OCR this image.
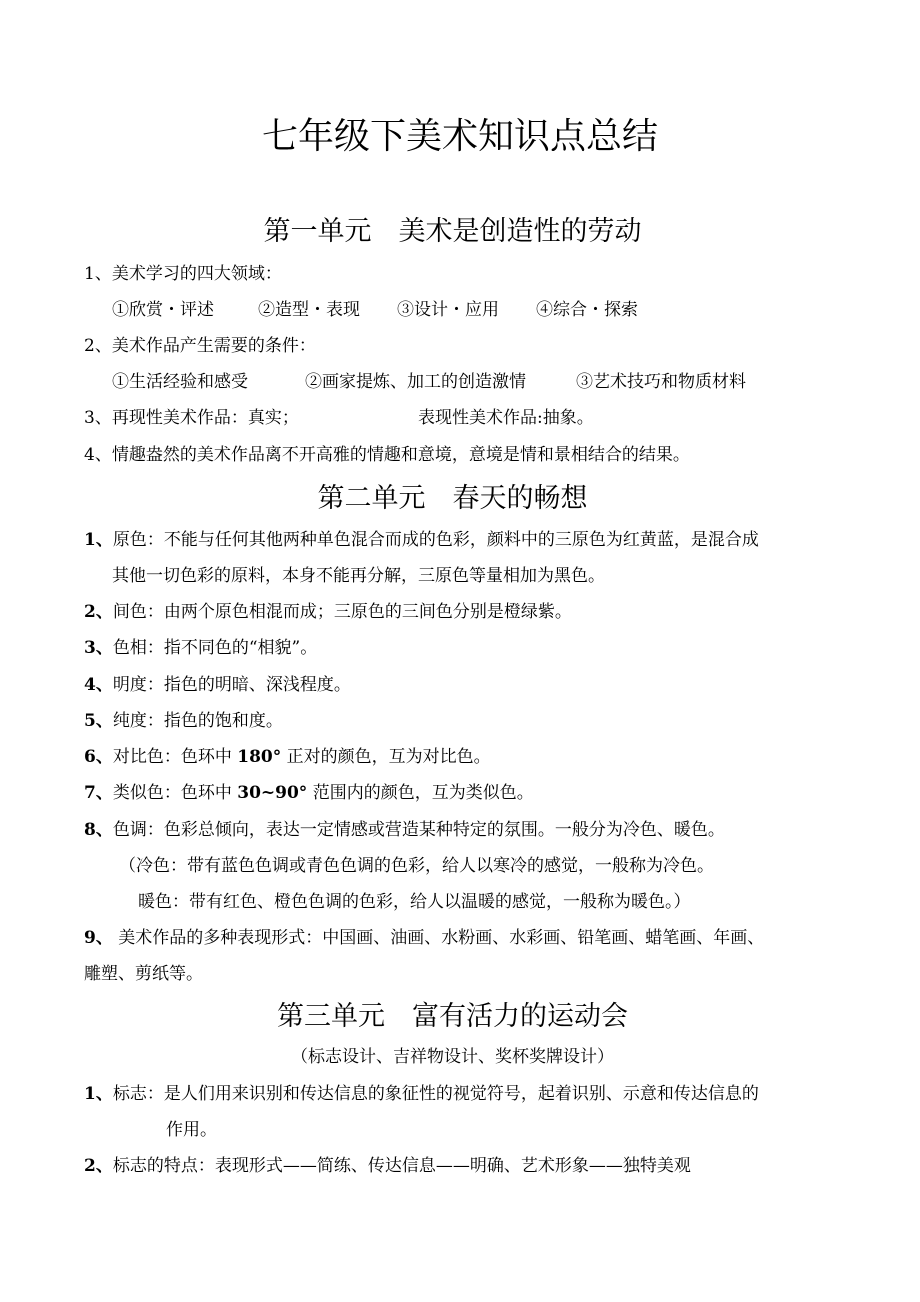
七年级下美术知识点总结
第一单元　美术是创造性的劳动
1、美术学习的四大领域：
①欣赏・评述	②造型・表现 ③设计・应用 ④综合・探索
2、美术作品产生需要的条件：
①生活经验和感受	②画家提炼、加工的创造激情	③艺术技巧和物质材料
3、再现性美术作品：真实；	表现性美术作品:抽象。
4、情趣盎然的美术作品离不开高雅的情趣和意境，意境是情和景相结合的结果。
第二单元　春天的畅想
1、原色：不能与任何其他两种单色混合而成的色彩，颜料中的三原色为红黄蓝，是混合成
其他一切色彩的原料，本身不能再分解，三原色等量相加为黑色。
2、间色：由两个原色相混而成；三原色的三间色分别是橙绿紫。
3、色相：指不同色的“相貌”。
4、明度：指色的明暗、深浅程度。
5、纯度：指色的饱和度。
6、对比色：色环中 180° 正对的颜色，互为对比色。
7、类似色：色环中 30~90° 范围内的颜色，互为类似色。
8、色调：色彩总倾向，表达一定情感或营造某种特定的氛围。一般分为冷色、暖色。
（冷色：带有蓝色色调或青色色调的色彩，给人以寒冷的感觉，一般称为冷色。
暖色：带有红色、橙色色调的色彩，给人以温暖的感觉，一般称为暖色。）
9、 美术作品的多种表现形式：中国画、油画、水粉画、水彩画、铅笔画、蜡笔画、年画、
雕塑、剪纸等。
第三单元　富有活力的运动会
（标志设计、吉祥物设计、奖杯奖牌设计）
1、标志：是人们用来识别和传达信息的象征性的视觉符号，起着识别、示意和传达信息的
作用。
2、标志的特点：表现形式——简练、传达信息——明确、艺术形象——独特美观
